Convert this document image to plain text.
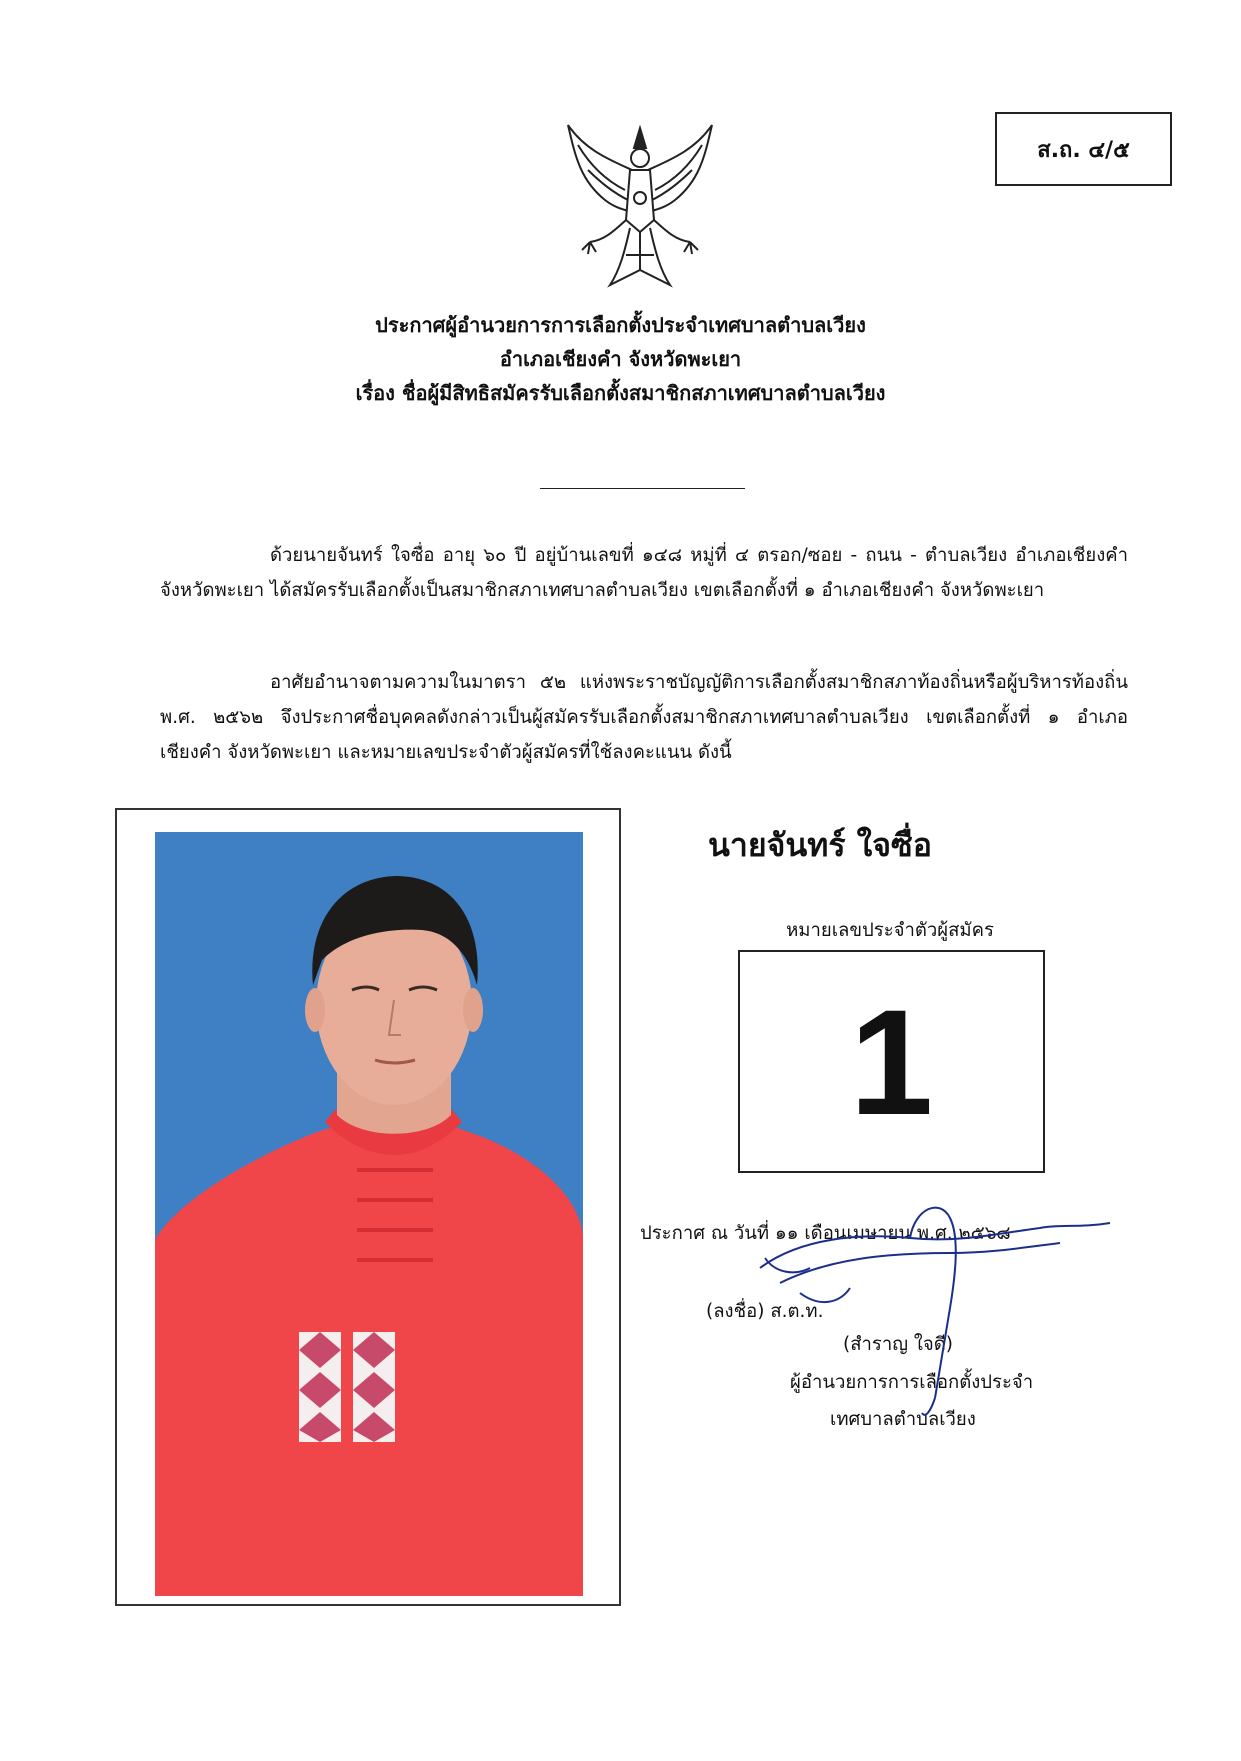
ส.ถ. ๔/๕
ประกาศผู้อำนวยการการเลือกตั้งประจำเทศบาลตำบลเวียง
อำเภอเชียงคำ จังหวัดพะเยา
เรื่อง ชื่อผู้มีสิทธิสมัครรับเลือกตั้งสมาชิกสภาเทศบาลตำบลเวียง
ด้วยนายจันทร์ ใจซื่อ อายุ ๖๐ ปี อยู่บ้านเลขที่ ๑๔๘ หมู่ที่ ๔ ตรอก/ซอย - ถนน - ตำบลเวียง อำเภอเชียงคำ จังหวัดพะเยา ได้สมัครรับเลือกตั้งเป็นสมาชิกสภาเทศบาลตำบลเวียง เขตเลือกตั้งที่ ๑ อำเภอเชียงคำ จังหวัดพะเยา
อาศัยอำนาจตามความในมาตรา ๕๒ แห่งพระราชบัญญัติการเลือกตั้งสมาชิกสภาท้องถิ่นหรือผู้บริหารท้องถิ่น พ.ศ. ๒๕๖๒ จึงประกาศชื่อบุคคลดังกล่าวเป็นผู้สมัครรับเลือกตั้งสมาชิกสภาเทศบาลตำบลเวียง เขตเลือกตั้งที่ ๑ อำเภอเชียงคำ จังหวัดพะเยา และหมายเลขประจำตัวผู้สมัครที่ใช้ลงคะแนน ดังนี้
นายจันทร์ ใจซื่อ
หมายเลขประจำตัวผู้สมัคร
1
ประกาศ ณ วันที่ ๑๑ เดือนเมษายน พ.ศ. ๒๕๖๘
(ลงชื่อ) ส.ต.ท.
(สำราญ ใจดี)
ผู้อำนวยการการเลือกตั้งประจำ
เทศบาลตำบลเวียง
